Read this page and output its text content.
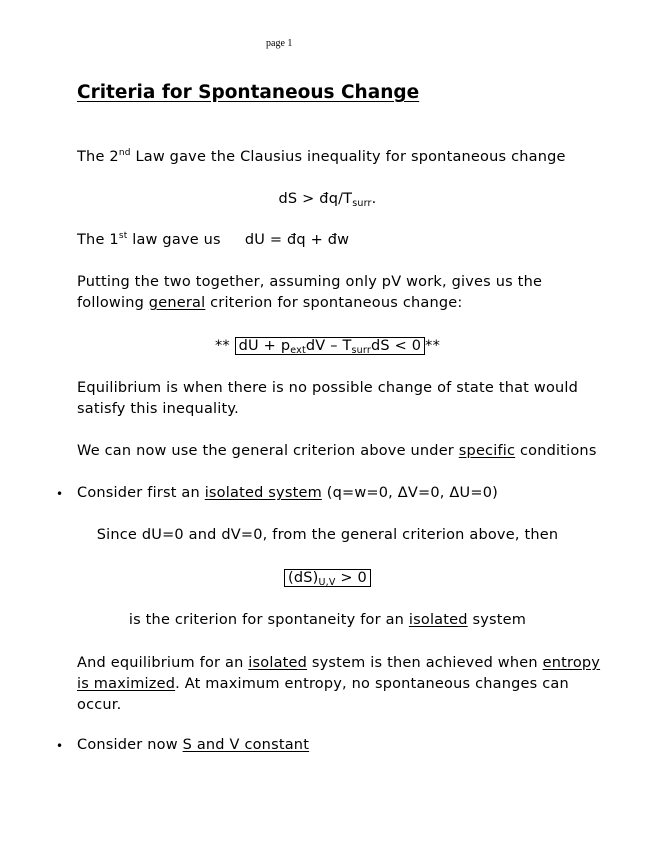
page 1
Criteria for Spontaneous Change

The 2nd Law gave the Clausius inequality for spontaneous change

dS > $đq/T_{surr}$.

The 1st law gave us     dU = đq + đw

Putting the two together, assuming only pV work, gives us the
following general criterion for spontaneous change:

** dU + $p_{ext}dV - T_{surr}dS < 0$ **

Equilibrium is when there is no possible change of state that would
satisfy this inequality.

We can now use the general criterion above under specific conditions

• Consider first an isolated system (q=w=0, ΔV=0, ΔU=0)

Since dU=0 and dV=0, from the general criterion above, then

$(dS)_{U,V} > 0$

is the criterion for spontaneity for an isolated system

And equilibrium for an isolated system is then achieved when entropy
is maximized. At maximum entropy, no spontaneous changes can
occur.

• Consider now S and V constant
